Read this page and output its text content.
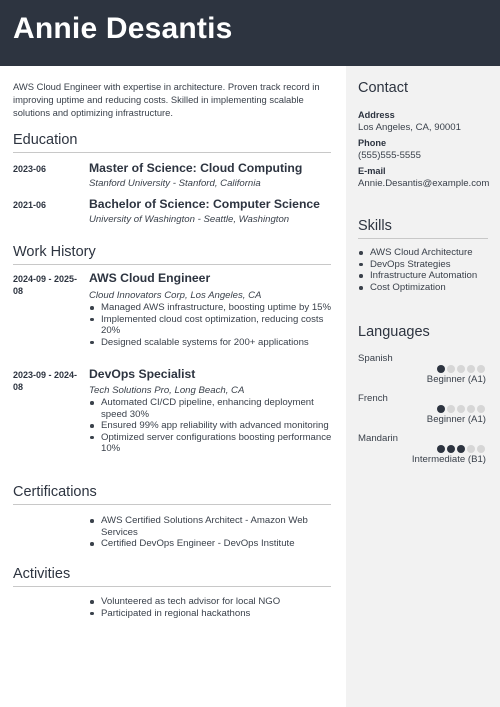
Annie Desantis
AWS Cloud Engineer with expertise in architecture. Proven track record in improving uptime and reducing costs. Skilled in implementing scalable solutions and optimizing infrastructure.
Education
2023-06	Master of Science: Cloud Computing
Stanford University - Stanford, California
2021-06	Bachelor of Science: Computer Science
University of Washington - Seattle, Washington
Work History
2024-09 - 2025-08
AWS Cloud Engineer
Cloud Innovators Corp, Los Angeles, CA
Managed AWS infrastructure, boosting uptime by 15%
Implemented cloud cost optimization, reducing costs 20%
Designed scalable systems for 200+ applications
2023-09 - 2024-08
DevOps Specialist
Tech Solutions Pro, Long Beach, CA
Automated CI/CD pipeline, enhancing deployment speed 30%
Ensured 99% app reliability with advanced monitoring
Optimized server configurations boosting performance 10%
Certifications
AWS Certified Solutions Architect - Amazon Web Services
Certified DevOps Engineer - DevOps Institute
Activities
Volunteered as tech advisor for local NGO
Participated in regional hackathons
Contact
Address
Los Angeles, CA, 90001
Phone
(555)555-5555
E-mail
Annie.Desantis@example.com
Skills
AWS Cloud Architecture
DevOps Strategies
Infrastructure Automation
Cost Optimization
Languages
Spanish
Beginner (A1)
French
Beginner (A1)
Mandarin
Intermediate (B1)
